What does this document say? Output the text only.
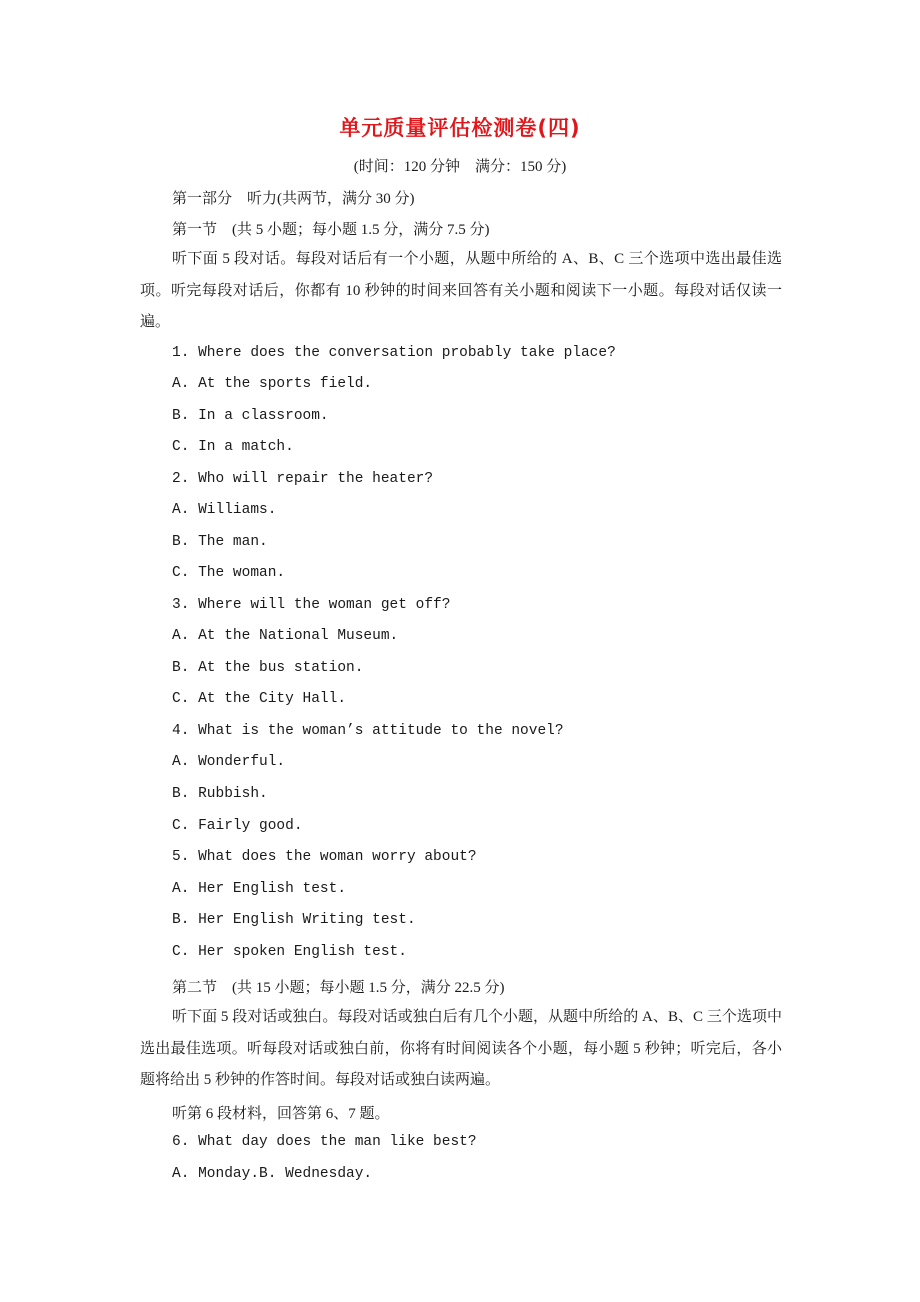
单元质量评估检测卷(四)
(时间：120 分钟　满分：150 分)
第一部分　听力(共两节，满分 30 分)
第一节　(共 5 小题；每小题 1.5 分，满分 7.5 分)
听下面 5 段对话。每段对话后有一个小题，从题中所给的 A、B、C 三个选项中选出最佳选项。听完每段对话后，你都有 10 秒钟的时间来回答有关小题和阅读下一小题。每段对话仅读一遍。
1. Where does the conversation probably take place?
A. At the sports field.
B. In a classroom.
C. In a match.
2. Who will repair the heater?
A. Williams.
B. The man.
C. The woman.
3. Where will the woman get off?
A. At the National Museum.
B. At the bus station.
C. At the City Hall.
4. What is the woman’s attitude to the novel?
A. Wonderful.
B. Rubbish.
C. Fairly good.
5. What does the woman worry about?
A. Her English test.
B. Her English Writing test.
C. Her spoken English test.
第二节　(共 15 小题；每小题 1.5 分，满分 22.5 分)
听下面 5 段对话或独白。每段对话或独白后有几个小题，从题中所给的 A、B、C 三个选项中选出最佳选项。听每段对话或独白前，你将有时间阅读各个小题，每小题 5 秒钟；听完后，各小题将给出 5 秒钟的作答时间。每段对话或独白读两遍。
听第 6 段材料，回答第 6、7 题。
6. What day does the man like best?
A. Monday.B. Wednesday.
